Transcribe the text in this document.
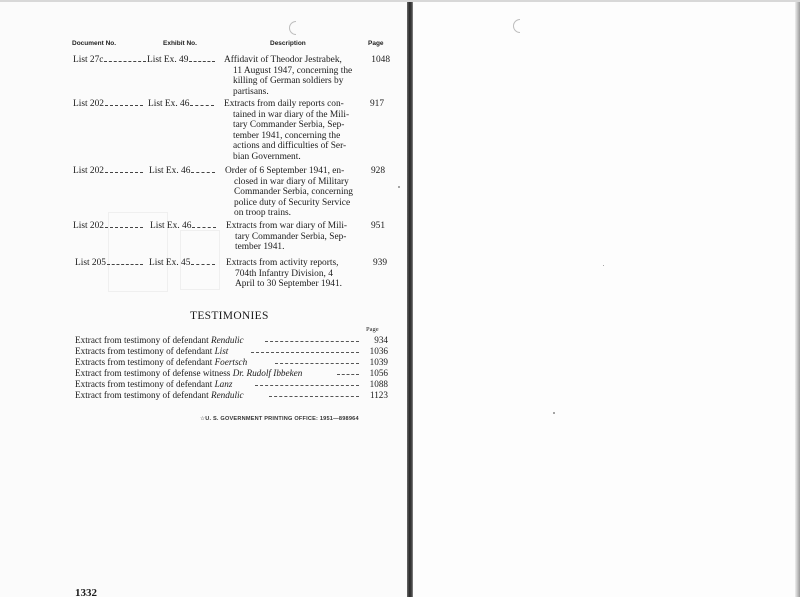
Document No.	Exhibit No.	Description	Page
List 27c	List Ex. 49	Affidavit of Theodor Jestrabek,
11 August 1947, concerning the
killing of German soldiers by
partisans.
1048
List 202	List Ex. 46	Extracts from daily reports con-
tained in war diary of the Mili-
tary Commander Serbia, Sep-
tember 1941, concerning the
actions and difficulties of Ser-
bian Government.
917
List 202	List Ex. 46	Order of 6 September 1941, en-
closed in war diary of Military
Commander Serbia, concerning
police duty of Security Service
on troop trains.
928
List 202	List Ex. 46	Extracts from war diary of Mili-
tary Commander Serbia, Sep-
tember 1941.
951
List 205	List Ex. 45	Extracts from activity reports,
704th Infantry Division, 4
April to 30 September 1941.
939
TESTIMONIES
Page
Extract from testimony of defendant Rendulic	934
Extracts from testimony of defendant List	1036
Extracts from testimony of defendant Foertsch	1039
Extract from testimony of defense witness Dr. Rudolf Ibbeken	1056
Extracts from testimony of defendant Lanz	1088
Extract from testimony of defendant Rendulic	1123
☆U. S. GOVERNMENT PRINTING OFFICE: 1951—898964
1332
